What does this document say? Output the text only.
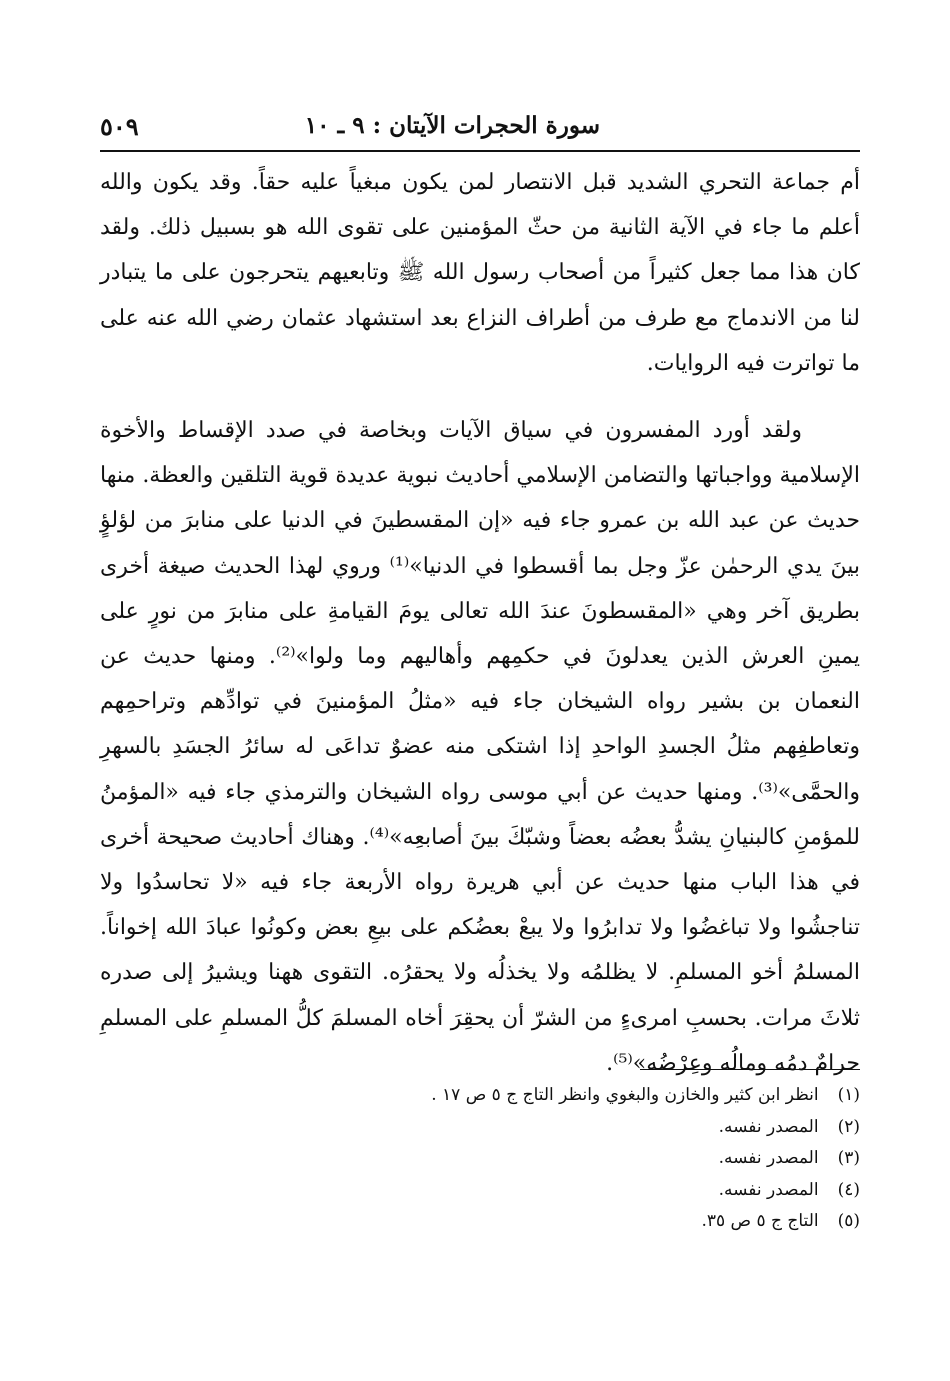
سورة الحجرات الآيتان : ٩ ـ ١٠
٥٠٩

أم جماعة التحري الشديد قبل الانتصار لمن يكون مبغياً عليه حقاً. وقد يكون والله أعلم ما جاء في الآية الثانية من حثّ المؤمنين على تقوى الله هو بسبيل ذلك. ولقد كان هذا مما جعل كثيراً من أصحاب رسول الله ﷺ وتابعيهم يتحرجون على ما يتبادر لنا من الاندماج مع طرف من أطراف النزاع بعد استشهاد عثمان رضي الله عنه على ما تواترت فيه الروايات.

ولقد أورد المفسرون في سياق الآيات وبخاصة في صدد الإقساط والأخوة الإسلامية وواجباتها والتضامن الإسلامي أحاديث نبوية عديدة قوية التلقين والعظة. منها حديث عن عبد الله بن عمرو جاء فيه «إن المقسطينَ في الدنيا على منابرَ من لؤلؤٍ بينَ يدي الرحمٰن عزّ وجل بما أقسطوا في الدنيا»⁽¹⁾ وروي لهذا الحديث صيغة أخرى بطريق آخر وهي «المقسطونَ عندَ الله تعالى يومَ القيامةِ على منابرَ من نورٍ على يمينِ العرش الذين يعدلونَ في حكمِهم وأهاليهم وما ولوا»⁽²⁾. ومنها حديث عن النعمان بن بشير رواه الشيخان جاء فيه «مثلُ المؤمنينَ في توادِّهم وتراحمِهم وتعاطفِهم مثلُ الجسدِ الواحدِ إذا اشتكى منه عضوٌ تداعَى له سائرُ الجسَدِ بالسهرِ والحمَّى»⁽³⁾. ومنها حديث عن أبي موسى رواه الشيخان والترمذي جاء فيه «المؤمنُ للمؤمنِ كالبنيانِ يشدُّ بعضُه بعضاً وشبّكَ بينَ أصابعِه»⁽⁴⁾. وهناك أحاديث صحيحة أخرى في هذا الباب منها حديث عن أبي هريرة رواه الأربعة جاء فيه «لا تحاسدُوا ولا تناجشُوا ولا تباغضُوا ولا تدابرُوا ولا يبعْ بعضُكم على بيعِ بعض وكونُوا عبادَ الله إخواناً. المسلمُ أخو المسلمِ. لا يظلمُه ولا يخذلُه ولا يحقرُه. التقوى ههنا ويشيرُ إلى صدره ثلاثَ مرات. بحسبِ امرىءٍ من الشرّ أن يحقِرَ أخاه المسلمَ كلُّ المسلمِ على المسلمِ حرامٌ دمُه ومالُه وعِرْضُه»⁽⁵⁾.

(١) انظر ابن كثير والخازن والبغوي وانظر التاج ج ٥ ص ١٧ .
(٢) المصدر نفسه.
(٣) المصدر نفسه.
(٤) المصدر نفسه.
(٥) التاج ج ٥ ص ٣٥.
